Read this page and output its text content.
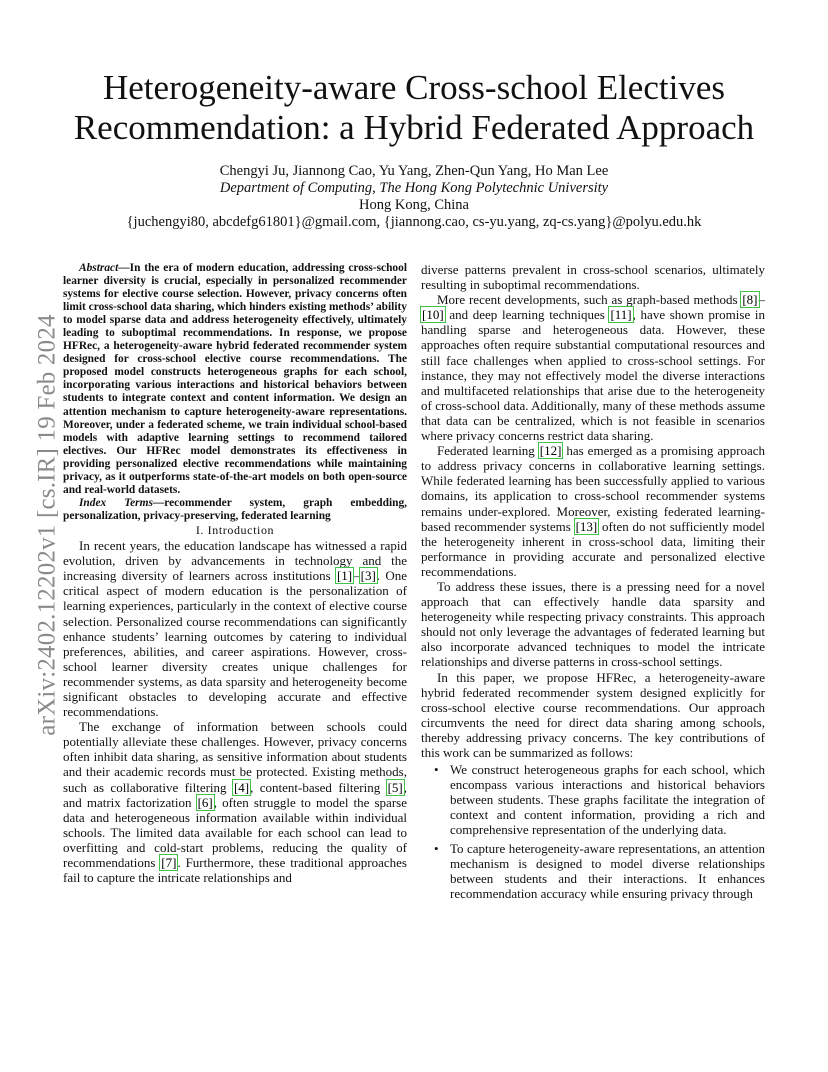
arXiv:2402.12202v1 [cs.IR] 19 Feb 2024
Heterogeneity-aware Cross-school Electives
Recommendation: a Hybrid Federated Approach
Chengyi Ju, Jiannong Cao, Yu Yang, Zhen-Qun Yang, Ho Man Lee
Department of Computing, The Hong Kong Polytechnic University
Hong Kong, China
{juchengyi80, abcdefg61801}@gmail.com, {jiannong.cao, cs-yu.yang, zq-cs.yang}@polyu.edu.hk

Abstract—In the era of modern education, addressing cross-school learner diversity is crucial, especially in personalized recommender systems for elective course selection. However, privacy concerns often limit cross-school data sharing, which hinders existing methods’ ability to model sparse data and address heterogeneity effectively, ultimately leading to suboptimal recommendations. In response, we propose HFRec, a heterogeneity-aware hybrid federated recommender system designed for cross-school elective course recommendations. The proposed model constructs heterogeneous graphs for each school, incorporating various interactions and historical behaviors between students to integrate context and content information. We design an attention mechanism to capture heterogeneity-aware representations. Moreover, under a federated scheme, we train individual school-based models with adaptive learning settings to recommend tailored electives. Our HFRec model demonstrates its effectiveness in providing personalized elective recommendations while maintaining privacy, as it outperforms state-of-the-art models on both open-source and real-world datasets.

Index Terms—recommender system, graph embedding, personalization, privacy-preserving, federated learning

I. Introduction

In recent years, the education landscape has witnessed a rapid evolution, driven by advancements in technology and the increasing diversity of learners across institutions [1]–[3]. One critical aspect of modern education is the personalization of learning experiences, particularly in the context of elective course selection. Personalized course recommendations can significantly enhance students’ learning outcomes by catering to individual preferences, abilities, and career aspirations. However, cross-school learner diversity creates unique challenges for recommender systems, as data sparsity and heterogeneity become significant obstacles to developing accurate and effective recommendations.

The exchange of information between schools could potentially alleviate these challenges. However, privacy concerns often inhibit data sharing, as sensitive information about students and their academic records must be protected. Existing methods, such as collaborative filtering [4], content-based filtering [5], and matrix factorization [6], often struggle to model the sparse data and heterogeneous information available within individual schools. The limited data available for each school can lead to overfitting and cold-start problems, reducing the quality of recommendations [7]. Furthermore, these traditional approaches fail to capture the intricate relationships and

diverse patterns prevalent in cross-school scenarios, ultimately resulting in suboptimal recommendations.

More recent developments, such as graph-based methods [8]–[10] and deep learning techniques [11], have shown promise in handling sparse and heterogeneous data. However, these approaches often require substantial computational resources and still face challenges when applied to cross-school settings. For instance, they may not effectively model the diverse interactions and multifaceted relationships that arise due to the heterogeneity of cross-school data. Additionally, many of these methods assume that data can be centralized, which is not feasible in scenarios where privacy concerns restrict data sharing.

Federated learning [12] has emerged as a promising approach to address privacy concerns in collaborative learning settings. While federated learning has been successfully applied to various domains, its application to cross-school recommender systems remains under-explored. Moreover, existing federated learning-based recommender systems [13] often do not sufficiently model the heterogeneity inherent in cross-school data, limiting their performance in providing accurate and personalized elective recommendations.

To address these issues, there is a pressing need for a novel approach that can effectively handle data sparsity and heterogeneity while respecting privacy constraints. This approach should not only leverage the advantages of federated learning but also incorporate advanced techniques to model the intricate relationships and diverse patterns in cross-school settings.

In this paper, we propose HFRec, a heterogeneity-aware hybrid federated recommender system designed explicitly for cross-school elective course recommendations. Our approach circumvents the need for direct data sharing among schools, thereby addressing privacy concerns. The key contributions of this work can be summarized as follows:

• We construct heterogeneous graphs for each school, which encompass various interactions and historical behaviors between students. These graphs facilitate the integration of context and content information, providing a rich and comprehensive representation of the underlying data.
• To capture heterogeneity-aware representations, an attention mechanism is designed to model diverse relationships between students and their interactions. It enhances recommendation accuracy while ensuring privacy through
